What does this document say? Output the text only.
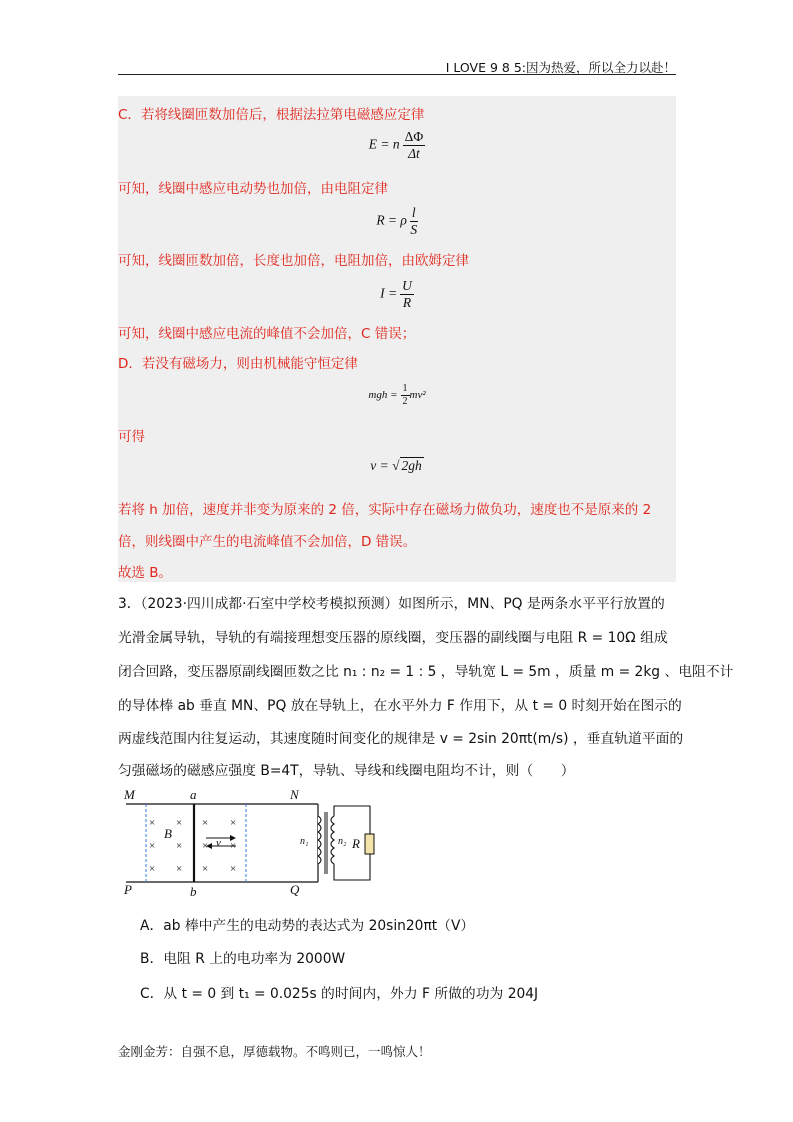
I LOVE 9 8 5:因为热爱，所以全力以赴！
C．若将线圈匝数加倍后，根据法拉第电磁感应定律
E = n $\frac{\Delta\Phi}{\Delta t}$
可知，线圈中感应电动势也加倍，由电阻定律
R = ρ $\frac{l}{S}$
可知，线圈匝数加倍，长度也加倍，电阻加倍，由欧姆定律
$I = \frac{U}{R}$
可知，线圈中感应电流的峰值不会加倍，C 错误；
D．若没有磁场力，则由机械能守恒定律
mgh = $\frac{1}{2} mv^2$
可得
v = √ 2gh
若将 h 加倍，速度并非变为原来的 2 倍，实际中存在磁场力做负功，速度也不是原来的 2
倍，则线圈中产生的电流峰值不会加倍，D 错误。
故选 B。
3．（2023·四川成都·石室中学校考模拟预测）如图所示，MN、PQ 是两条水平平行放置的
光滑金属导轨，导轨的有端接理想变压器的原线圈，变压器的副线圈与电阻 R = 10Ω 组成
闭合回路，变压器原副线圈匝数之比 n₁ : n₂ = 1 : 5 ，导轨宽 L = 5m ，质量 m = 2kg 、电阻不计
的导体棒 ab 垂直 MN、PQ 放在导轨上，在水平外力 F 作用下，从 t = 0 时刻开始在图示的
两虚线范围内往复运动，其速度随时间变化的规律是 v = 2sin 20πt(m/s) ，垂直轨道平面的
匀强磁场的磁感应强度 B=4T，导轨、导线和线圈电阻均不计，则（　　）
× ×
× ×
× ×
× ×
× ×
× ×
M	a	N
P	b	Q
B
v	n₁	n₂ R
A．ab 棒中产生的电动势的表达式为 20sin20πt（V）
B．电阻 R 上的电功率为 2000W
C．从 t = 0 到 t₁ = 0.025s 的时间内，外力 F 所做的功为 204J
金刚金芳：自强不息，厚德载物。不鸣则已，一鸣惊人！
